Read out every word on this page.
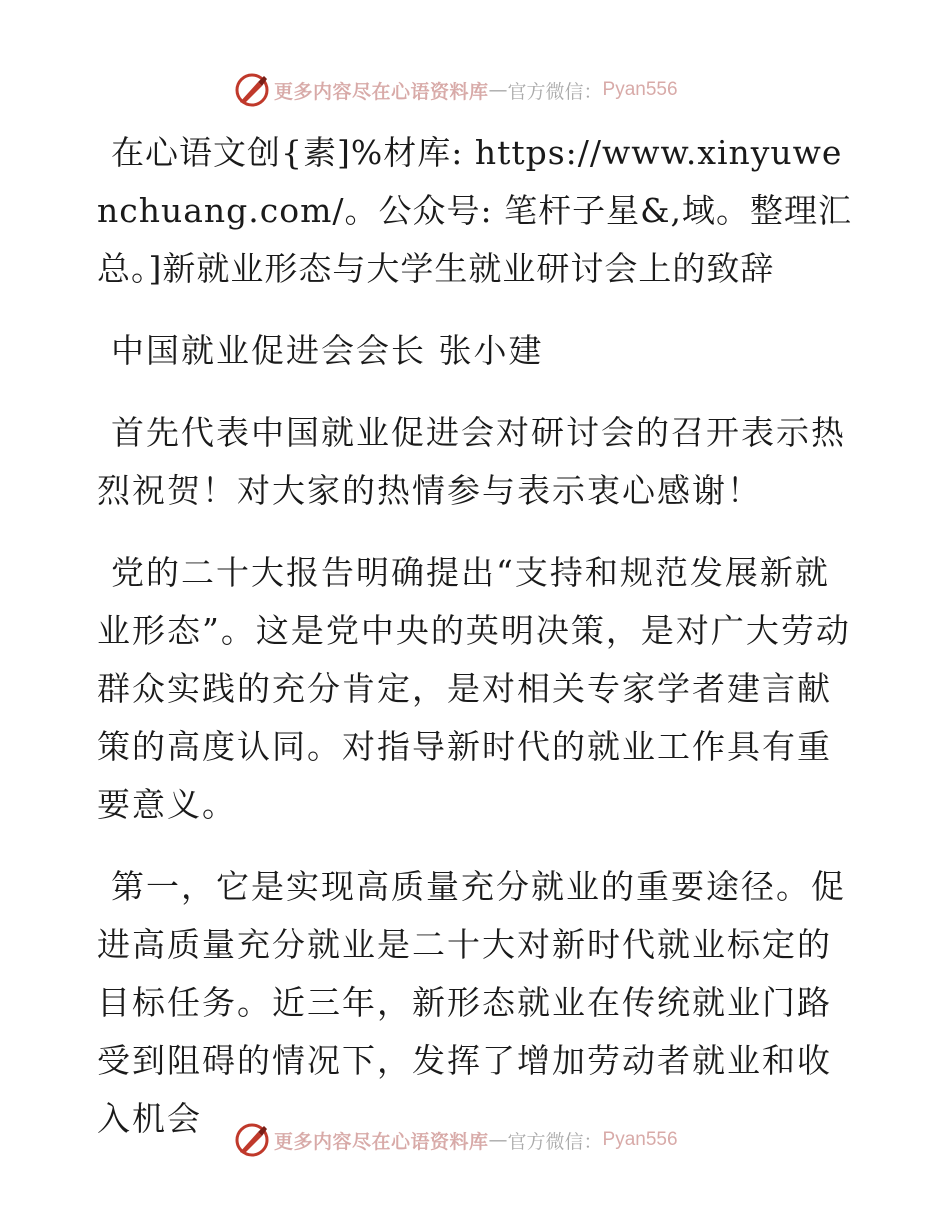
更多内容尽在心语资料库 — 官方微信： Pyan556

在心语文创{素]%材库: https://www.xinyuwenchuang.com/。公众号: 笔杆子星&,域。整理汇总。]新就业形态与大学生就业研讨会上的致辞

中国就业促进会会长 张小建

首先代表中国就业促进会对研讨会的召开表示热烈祝贺！对大家的热情参与表示衷心感谢！

党的二十大报告明确提出“支持和规范发展新就业形态”。这是党中央的英明决策，是对广大劳动群众实践的充分肯定，是对相关专家学者建言献策的高度认同。对指导新时代的就业工作具有重要意义。

第一，它是实现高质量充分就业的重要途径。促进高质量充分就业是二十大对新时代就业标定的目标任务。近三年，新形态就业在传统就业门路受到阻碍的情况下，发挥了增加劳动者就业和收入机会

更多内容尽在心语资料库 — 官方微信： Pyan556
